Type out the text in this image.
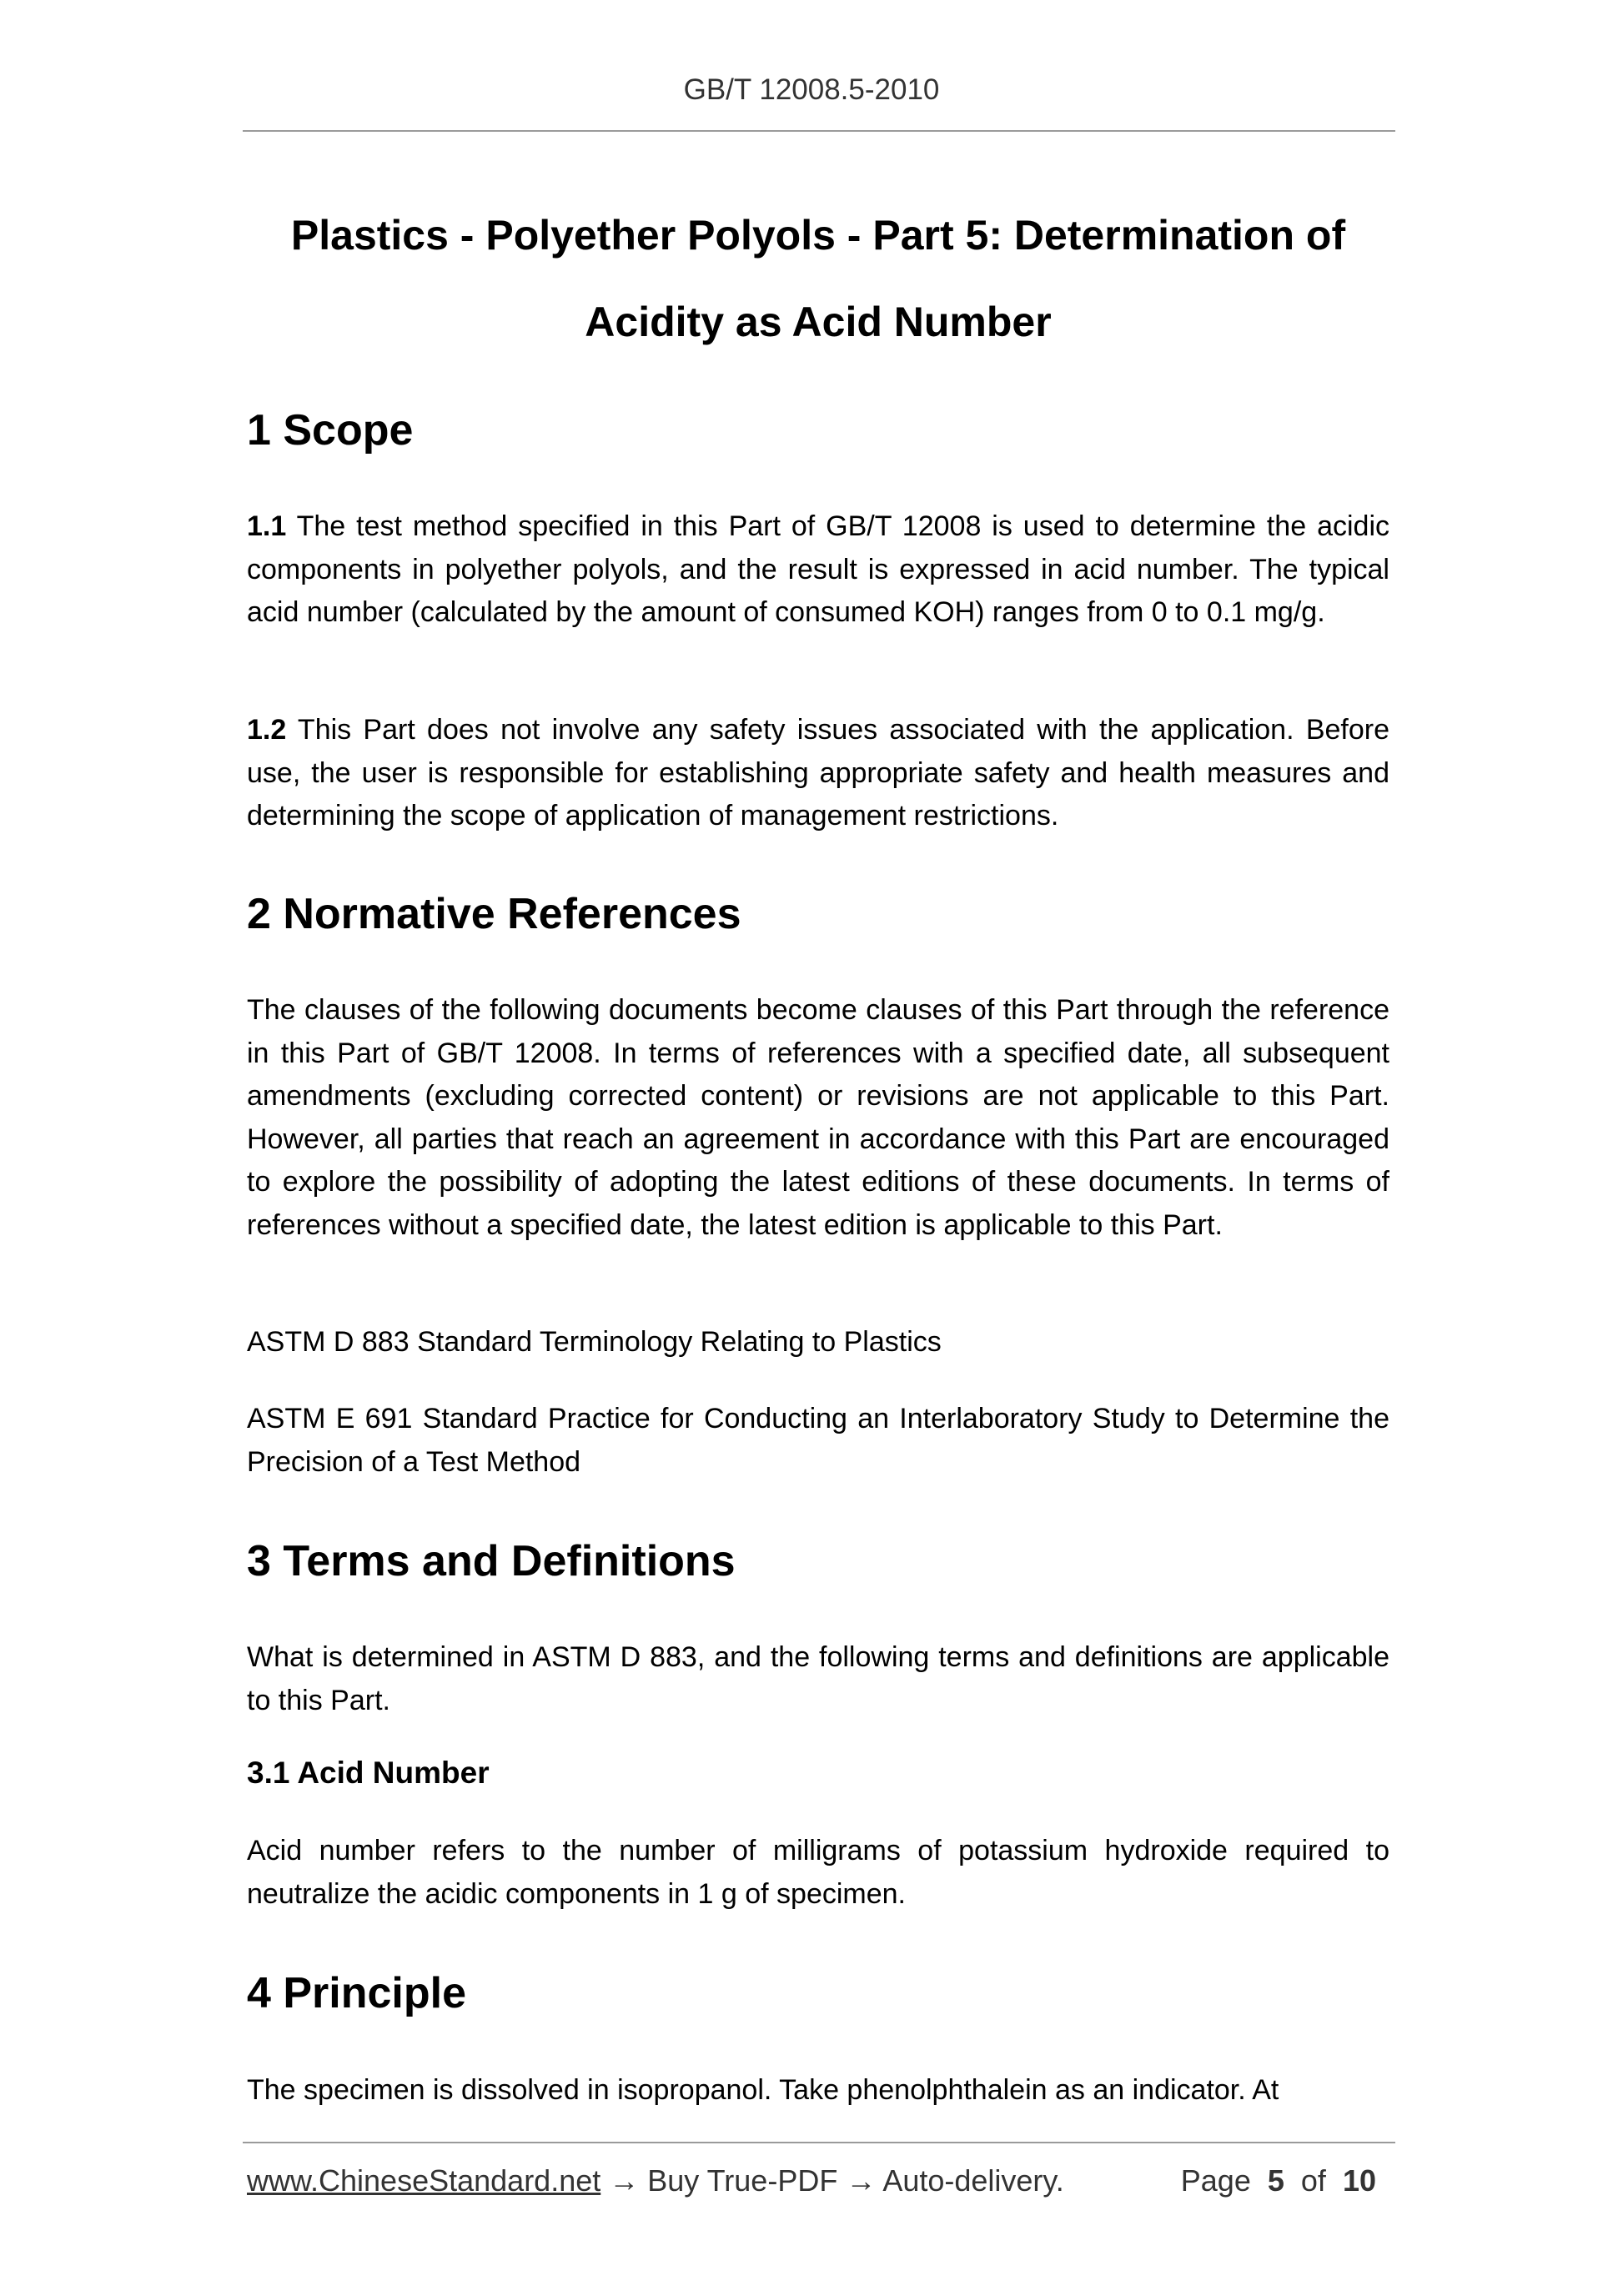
GB/T 12008.5-2010
Plastics - Polyether Polyols - Part 5: Determination of Acidity as Acid Number
1 Scope

1.1 The test method specified in this Part of GB/T 12008 is used to determine the acidic components in polyether polyols, and the result is expressed in acid number. The typical acid number (calculated by the amount of consumed KOH) ranges from 0 to 0.1 mg/g.

1.2 This Part does not involve any safety issues associated with the application. Before use, the user is responsible for establishing appropriate safety and health measures and determining the scope of application of management restrictions.

2 Normative References

The clauses of the following documents become clauses of this Part through the reference in this Part of GB/T 12008. In terms of references with a specified date, all subsequent amendments (excluding corrected content) or revisions are not applicable to this Part. However, all parties that reach an agreement in accordance with this Part are encouraged to explore the possibility of adopting the latest editions of these documents. In terms of references without a specified date, the latest edition is applicable to this Part.

ASTM D 883 Standard Terminology Relating to Plastics

ASTM E 691 Standard Practice for Conducting an Interlaboratory Study to Determine the Precision of a Test Method

3 Terms and Definitions

What is determined in ASTM D 883, and the following terms and definitions are applicable to this Part.

3.1 Acid Number

Acid number refers to the number of milligrams of potassium hydroxide required to neutralize the acidic components in 1 g of specimen.

4 Principle

The specimen is dissolved in isopropanol. Take phenolphthalein as an indicator. At

www.ChineseStandard.net → Buy True-PDF → Auto-delivery.	Page 5 of 10
